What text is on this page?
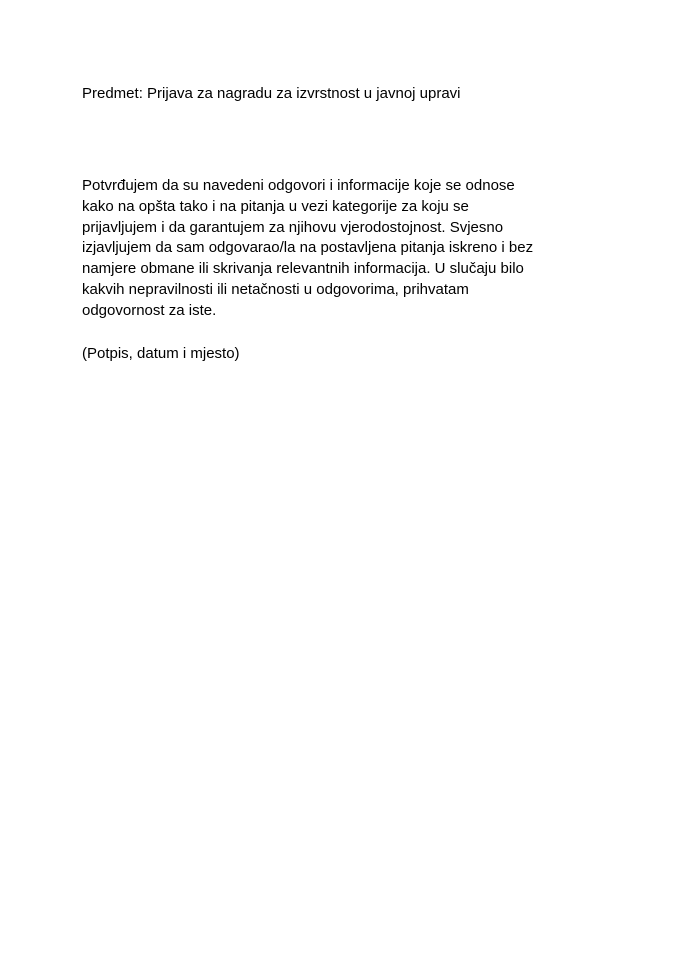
Predmet: Prijava za nagradu za izvrstnost u javnoj upravi
Potvrđujem da su navedeni odgovori i informacije koje se odnose
kako na opšta tako i na pitanja u vezi kategorije za koju se
prijavljujem i da garantujem za njihovu vjerodostojnost. Svjesno
izjavljujem da sam odgovarao/la na postavljena pitanja iskreno i bez
namjere obmane ili skrivanja relevantnih informacija. U slučaju bilo
kakvih nepravilnosti ili netačnosti u odgovorima, prihvatam
odgovornost za iste.
(Potpis, datum i mjesto)
